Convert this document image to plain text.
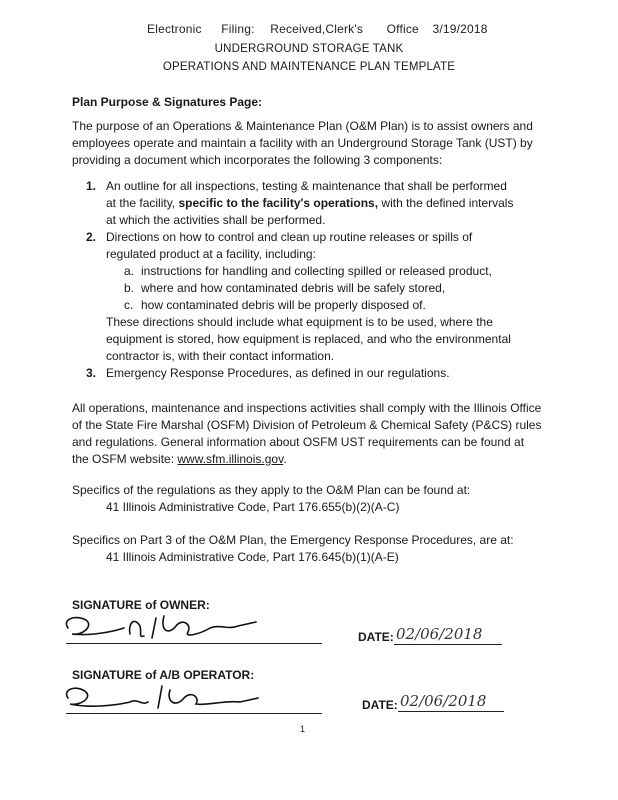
Electronic Filing: Received,Clerk's Office 3/19/2018
UNDERGROUND STORAGE TANK
OPERATIONS AND MAINTENANCE PLAN TEMPLATE
Plan Purpose & Signatures Page:
The purpose of an Operations & Maintenance Plan (O&M Plan) is to assist owners and employees operate and maintain a facility with an Underground Storage Tank (UST) by providing a document which incorporates the following 3 components:
1. An outline for all inspections, testing & maintenance that shall be performed at the facility, specific to the facility's operations, with the defined intervals at which the activities shall be performed.
2. Directions on how to control and clean up routine releases or spills of regulated product at a facility, including:
a. instructions for handling and collecting spilled or released product,
b. where and how contaminated debris will be safely stored,
c. how contaminated debris will be properly disposed of.
These directions should include what equipment is to be used, where the equipment is stored, how equipment is replaced, and who the environmental contractor is, with their contact information.
3. Emergency Response Procedures, as defined in our regulations.
All operations, maintenance and inspections activities shall comply with the Illinois Office of the State Fire Marshal (OSFM) Division of Petroleum & Chemical Safety (P&CS) rules and regulations. General information about OSFM UST requirements can be found at the OSFM website: www.sfm.illinois.gov.
Specifics of the regulations as they apply to the O&M Plan can be found at:
41 Illinois Administrative Code, Part 176.655(b)(2)(A-C)
Specifics on Part 3 of the O&M Plan, the Emergency Response Procedures, are at:
41 Illinois Administrative Code, Part 176.645(b)(1)(A-E)
SIGNATURE of OWNER:
DATE: 02/06/2018
SIGNATURE of A/B OPERATOR:
DATE: 02/06/2018
1
